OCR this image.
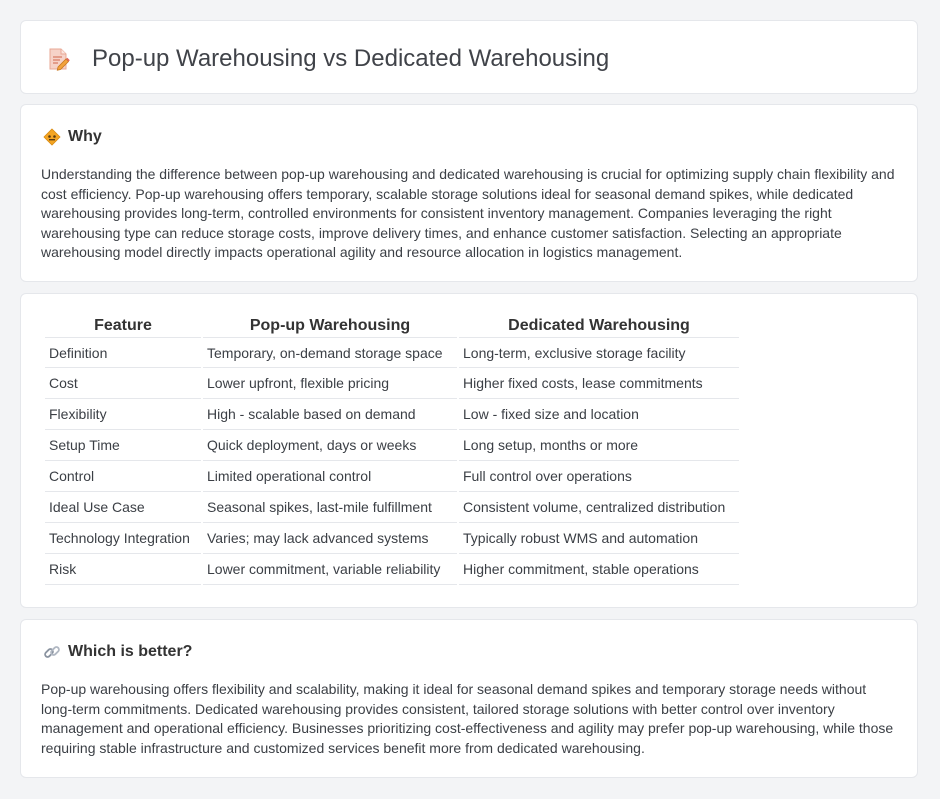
Pop-up Warehousing vs Dedicated Warehousing
Why

Understanding the difference between pop-up warehousing and dedicated warehousing is crucial for optimizing supply chain flexibility and cost efficiency. Pop-up warehousing offers temporary, scalable storage solutions ideal for seasonal demand spikes, while dedicated warehousing provides long-term, controlled environments for consistent inventory management. Companies leveraging the right warehousing type can reduce storage costs, improve delivery times, and enhance customer satisfaction. Selecting an appropriate warehousing model directly impacts operational agility and resource allocation in logistics management.

Feature	Pop-up Warehousing	Dedicated Warehousing
Definition	Temporary, on-demand storage space	Long-term, exclusive storage facility
Cost	Lower upfront, flexible pricing	Higher fixed costs, lease commitments
Flexibility	High - scalable based on demand	Low - fixed size and location
Setup Time	Quick deployment, days or weeks	Long setup, months or more
Control	Limited operational control	Full control over operations
Ideal Use Case	Seasonal spikes, last-mile fulfillment	Consistent volume, centralized distribution
Technology Integration	Varies; may lack advanced systems	Typically robust WMS and automation
Risk	Lower commitment, variable reliability	Higher commitment, stable operations
Which is better?

Pop-up warehousing offers flexibility and scalability, making it ideal for seasonal demand spikes and temporary storage needs without long-term commitments. Dedicated warehousing provides consistent, tailored storage solutions with better control over inventory management and operational efficiency. Businesses prioritizing cost-effectiveness and agility may prefer pop-up warehousing, while those requiring stable infrastructure and customized services benefit more from dedicated warehousing.
